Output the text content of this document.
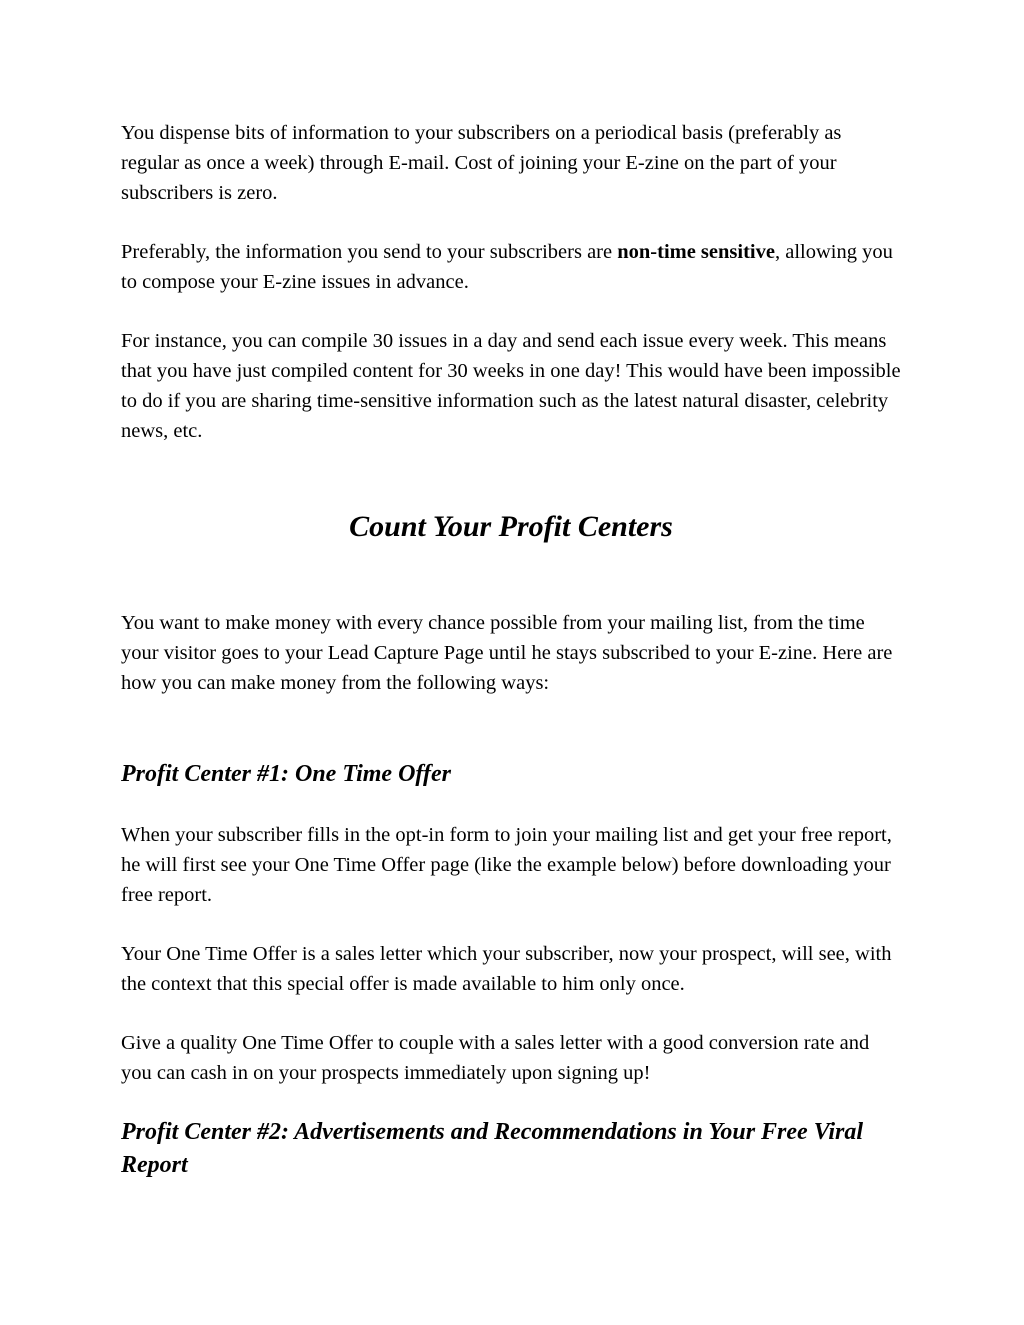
You dispense bits of information to your subscribers on a periodical basis (preferably as regular as once a week) through E-mail. Cost of joining your E-zine on the part of your subscribers is zero.

Preferably, the information you send to your subscribers are non-time sensitive, allowing you to compose your E-zine issues in advance.

For instance, you can compile 30 issues in a day and send each issue every week. This means that you have just compiled content for 30 weeks in one day! This would have been impossible to do if you are sharing time-sensitive information such as the latest natural disaster, celebrity news, etc.

Count Your Profit Centers

You want to make money with every chance possible from your mailing list, from the time your visitor goes to your Lead Capture Page until he stays subscribed to your E-zine. Here are how you can make money from the following ways:

Profit Center #1: One Time Offer

When your subscriber fills in the opt-in form to join your mailing list and get your free report, he will first see your One Time Offer page (like the example below) before downloading your free report.

Your One Time Offer is a sales letter which your subscriber, now your prospect, will see, with the context that this special offer is made available to him only once.

Give a quality One Time Offer to couple with a sales letter with a good conversion rate and you can cash in on your prospects immediately upon signing up!

Profit Center #2: Advertisements and Recommendations in Your Free Viral Report
